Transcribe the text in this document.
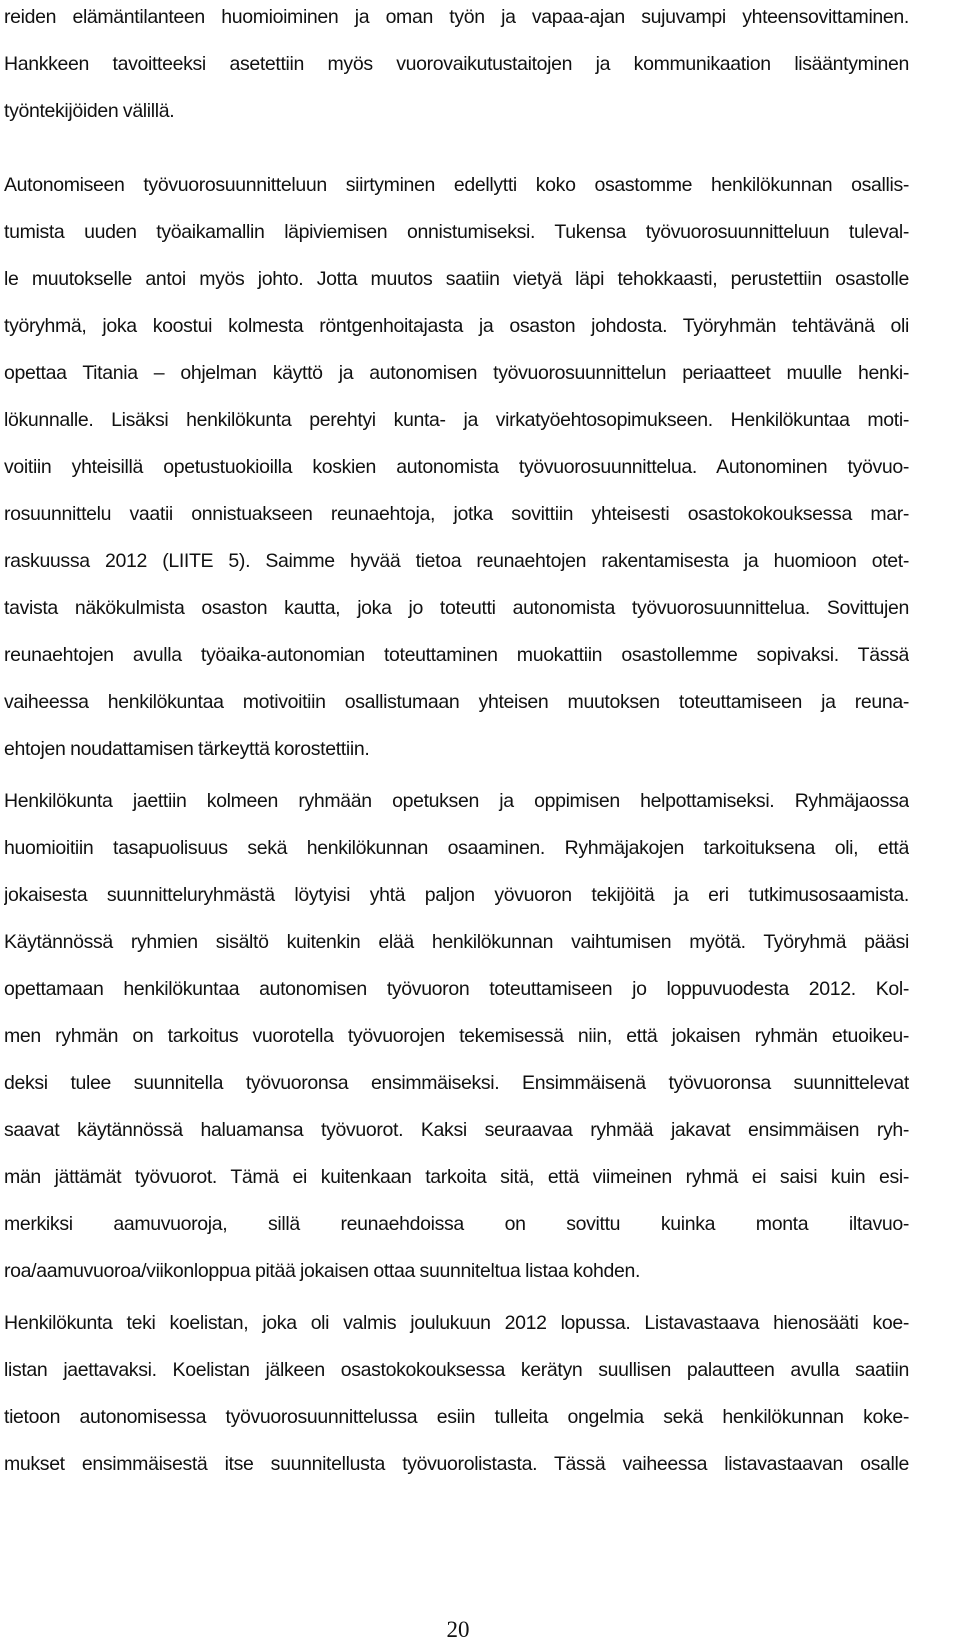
reiden elämäntilanteen huomioiminen ja oman työn ja vapaa-ajan sujuvampi yhteensovittaminen.
Hankkeen tavoitteeksi asetettiin myös vuorovaikutustaitojen ja kommunikaation lisääntyminen
työntekijöiden välillä.
Autonomiseen työvuorosuunnitteluun siirtyminen edellytti koko osastomme henkilökunnan osallis-
tumista uuden työaikamallin läpiviemisen onnistumiseksi. Tukensa työvuorosuunnitteluun tuleval-
le muutokselle antoi myös johto. Jotta muutos saatiin vietyä läpi tehokkaasti, perustettiin osastolle
työryhmä, joka koostui kolmesta röntgenhoitajasta ja osaston johdosta. Työryhmän tehtävänä oli
opettaa Titania – ohjelman käyttö ja autonomisen työvuorosuunnittelun periaatteet muulle henki-
lökunnalle. Lisäksi henkilökunta perehtyi kunta- ja virkatyöehtosopimukseen. Henkilökuntaa moti-
voitiin yhteisillä opetustuokioilla koskien autonomista työvuorosuunnittelua. Autonominen työvuo-
rosuunnittelu vaatii onnistuakseen reunaehtoja, jotka sovittiin yhteisesti osastokokouksessa mar-
raskuussa 2012 (LIITE 5). Saimme hyvää tietoa reunaehtojen rakentamisesta ja huomioon otet-
tavista näkökulmista osaston kautta, joka jo toteutti autonomista työvuorosuunnittelua. Sovittujen
reunaehtojen avulla työaika-autonomian toteuttaminen muokattiin osastollemme sopivaksi. Tässä
vaiheessa henkilökuntaa motivoitiin osallistumaan yhteisen muutoksen toteuttamiseen ja reuna-
ehtojen noudattamisen tärkeyttä korostettiin.
Henkilökunta jaettiin kolmeen ryhmään opetuksen ja oppimisen helpottamiseksi. Ryhmäjaossa
huomioitiin tasapuolisuus sekä henkilökunnan osaaminen. Ryhmäjakojen tarkoituksena oli, että
jokaisesta suunnitteluryhmästä löytyisi yhtä paljon yövuoron tekijöitä ja eri tutkimusosaamista.
Käytännössä ryhmien sisältö kuitenkin elää henkilökunnan vaihtumisen myötä. Työryhmä pääsi
opettamaan henkilökuntaa autonomisen työvuoron toteuttamiseen jo loppuvuodesta 2012. Kol-
men ryhmän on tarkoitus vuorotella työvuorojen tekemisessä niin, että jokaisen ryhmän etuoikeu-
deksi tulee suunnitella työvuoronsa ensimmäiseksi. Ensimmäisenä työvuoronsa suunnittelevat
saavat käytännössä haluamansa työvuorot. Kaksi seuraavaa ryhmää jakavat ensimmäisen ryh-
män jättämät työvuorot. Tämä ei kuitenkaan tarkoita sitä, että viimeinen ryhmä ei saisi kuin esi-
merkiksi aamuvuoroja, sillä reunaehdoissa on sovittu kuinka monta iltavuo-
roa/aamuvuoroa/viikonloppua pitää jokaisen ottaa suunniteltua listaa kohden.
Henkilökunta teki koelistan, joka oli valmis joulukuun 2012 lopussa. Listavastaava hienosääti koe-
listan jaettavaksi. Koelistan jälkeen osastokokouksessa kerätyn suullisen palautteen avulla saatiin
tietoon autonomisessa työvuorosuunnittelussa esiin tulleita ongelmia sekä henkilökunnan koke-
mukset ensimmäisestä itse suunnitellusta työvuorolistasta. Tässä vaiheessa listavastaavan osalle
20
